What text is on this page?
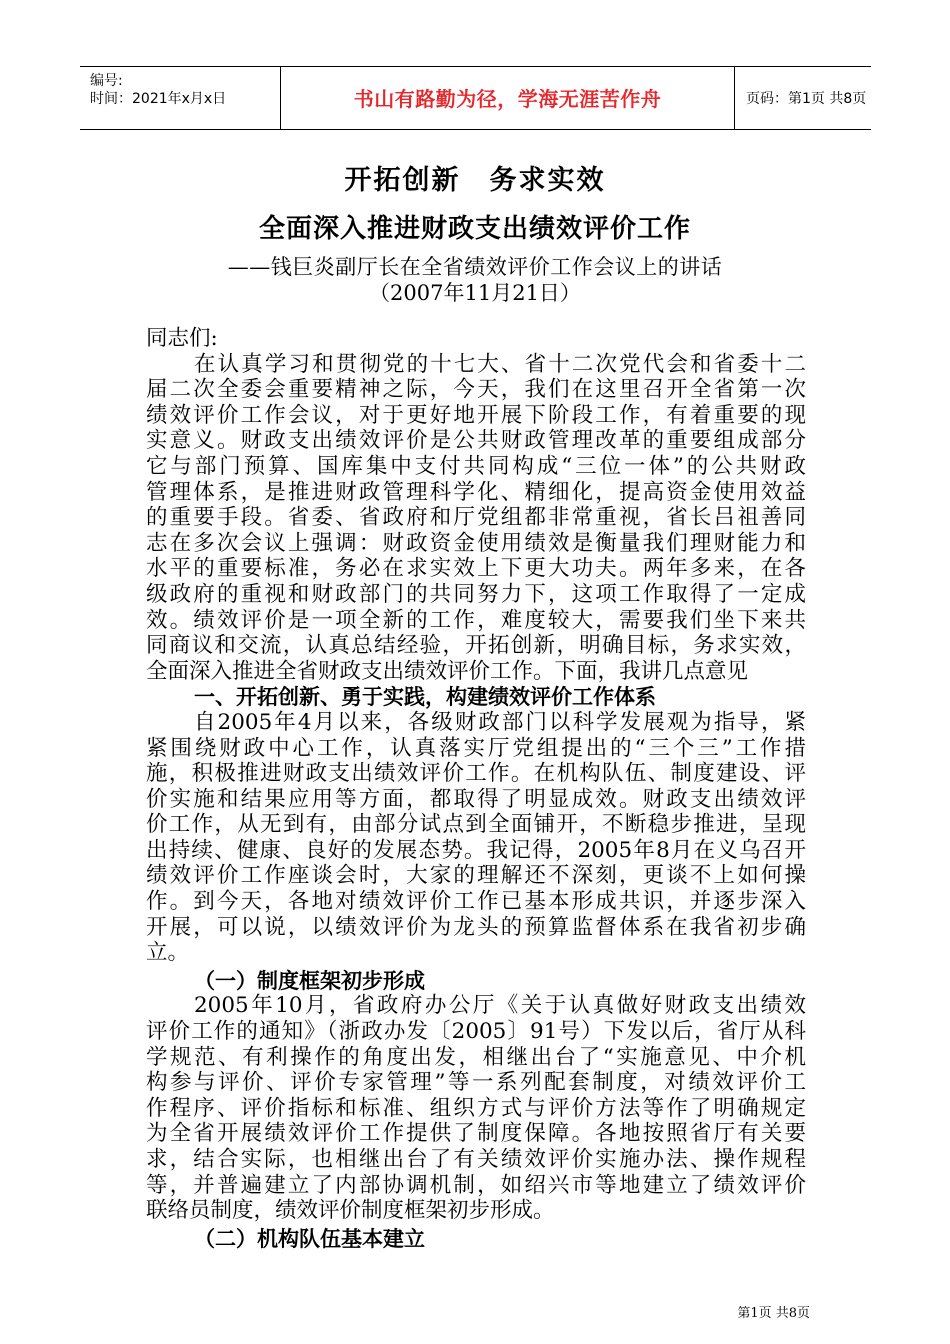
编号:
时间：2021年x月x日	书山有路勤为径，学海无涯苦作舟	页码：第1页 共8页
开拓创新　务求实效
全面深入推进财政支出绩效评价工作
——钱巨炎副厅长在全省绩效评价工作会议上的讲话
（2007年11月21日）
同志们:
在认真学习和贯彻党的十七大、省十二次党代会和省委十二
届二次全委会重要精神之际，今天，我们在这里召开全省第一次
绩效评价工作会议，对于更好地开展下阶段工作，有着重要的现
实意义。财政支出绩效评价是公共财政管理改革的重要组成部分
它与部门预算、国库集中支付共同构成“三位一体”的公共财政
管理体系，是推进财政管理科学化、精细化，提高资金使用效益
的重要手段。省委、省政府和厅党组都非常重视，省长吕祖善同
志在多次会议上强调：财政资金使用绩效是衡量我们理财能力和
水平的重要标准，务必在求实效上下更大功夫。两年多来，在各
级政府的重视和财政部门的共同努力下，这项工作取得了一定成
效。绩效评价是一项全新的工作，难度较大，需要我们坐下来共
同商议和交流，认真总结经验，开拓创新，明确目标，务求实效，
全面深入推进全省财政支出绩效评价工作。下面，我讲几点意见
一、开拓创新、勇于实践，构建绩效评价工作体系
自2005年4月以来，各级财政部门以科学发展观为指导，紧
紧围绕财政中心工作，认真落实厅党组提出的“三个三”工作措
施，积极推进财政支出绩效评价工作。在机构队伍、制度建设、评
价实施和结果应用等方面，都取得了明显成效。财政支出绩效评
价工作，从无到有，由部分试点到全面铺开，不断稳步推进，呈现
出持续、健康、良好的发展态势。我记得，2005年8月在义乌召开
绩效评价工作座谈会时，大家的理解还不深刻，更谈不上如何操
作。到今天，各地对绩效评价工作已基本形成共识，并逐步深入
开展，可以说，以绩效评价为龙头的预算监督体系在我省初步确
立。
（一）制度框架初步形成
2005年10月，省政府办公厅《关于认真做好财政支出绩效
评价工作的通知》（浙政办发〔2005〕91号）下发以后，省厅从科
学规范、有利操作的角度出发，相继出台了“实施意见、中介机
构参与评价、评价专家管理”等一系列配套制度，对绩效评价工
作程序、评价指标和标准、组织方式与评价方法等作了明确规定
为全省开展绩效评价工作提供了制度保障。各地按照省厅有关要
求，结合实际，也相继出台了有关绩效评价实施办法、操作规程
等，并普遍建立了内部协调机制，如绍兴市等地建立了绩效评价
联络员制度，绩效评价制度框架初步形成。
（二）机构队伍基本建立
第1页 共8页
